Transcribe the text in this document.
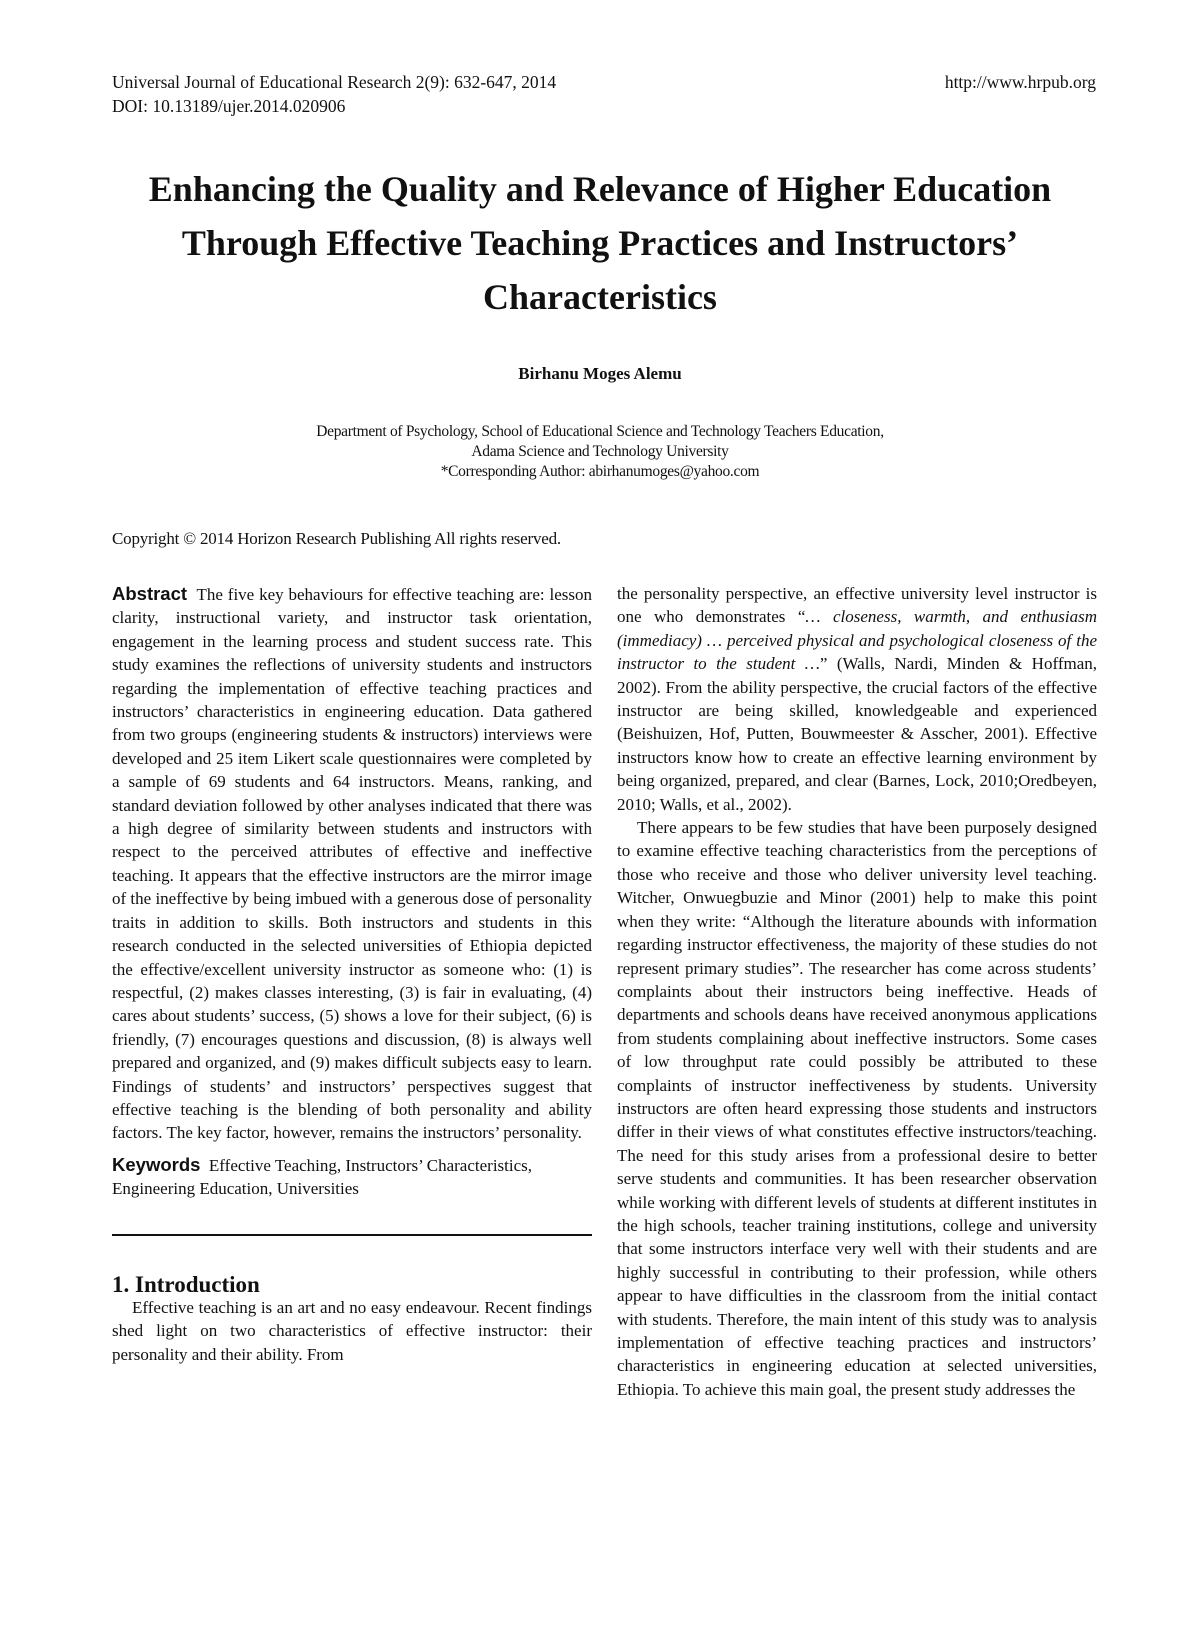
Universal Journal of Educational Research 2(9): 632-647, 2014
DOI: 10.13189/ujer.2014.020906
http://www.hrpub.org
Enhancing the Quality and Relevance of Higher Education Through Effective Teaching Practices and Instructors’ Characteristics
Birhanu Moges Alemu
Department of Psychology, School of Educational Science and Technology Teachers Education,
Adama Science and Technology University
*Corresponding Author: abirhanumoges@yahoo.com
Copyright © 2014 Horizon Research Publishing All rights reserved.

Abstract The five key behaviours for effective teaching are: lesson clarity, instructional variety, and instructor task orientation, engagement in the learning process and student success rate. This study examines the reflections of university students and instructors regarding the implementation of effective teaching practices and instructors’ characteristics in engineering education. Data gathered from two groups (engineering students & instructors) interviews were developed and 25 item Likert scale questionnaires were completed by a sample of 69 students and 64 instructors. Means, ranking, and standard deviation followed by other analyses indicated that there was a high degree of similarity between students and instructors with respect to the perceived attributes of effective and ineffective teaching. It appears that the effective instructors are the mirror image of the ineffective by being imbued with a generous dose of personality traits in addition to skills. Both instructors and students in this research conducted in the selected universities of Ethiopia depicted the effective/excellent university instructor as someone who: (1) is respectful, (2) makes classes interesting, (3) is fair in evaluating, (4) cares about students’ success, (5) shows a love for their subject, (6) is friendly, (7) encourages questions and discussion, (8) is always well prepared and organized, and (9) makes difficult subjects easy to learn. Findings of students’ and instructors’ perspectives suggest that effective teaching is the blending of both personality and ability factors. The key factor, however, remains the instructors’ personality.

Keywords Effective Teaching, Instructors’ Characteristics, Engineering Education, Universities

1. Introduction

Effective teaching is an art and no easy endeavour. Recent findings shed light on two characteristics of effective instructor: their personality and their ability. From

the personality perspective, an effective university level instructor is one who demonstrates “… closeness, warmth, and enthusiasm (immediacy) … perceived physical and psychological closeness of the instructor to the student …” (Walls, Nardi, Minden & Hoffman, 2002). From the ability perspective, the crucial factors of the effective instructor are being skilled, knowledgeable and experienced (Beishuizen, Hof, Putten, Bouwmeester & Asscher, 2001). Effective instructors know how to create an effective learning environment by being organized, prepared, and clear (Barnes, Lock, 2010;Oredbeyen, 2010; Walls, et al., 2002).

There appears to be few studies that have been purposely designed to examine effective teaching characteristics from the perceptions of those who receive and those who deliver university level teaching. Witcher, Onwuegbuzie and Minor (2001) help to make this point when they write: “Although the literature abounds with information regarding instructor effectiveness, the majority of these studies do not represent primary studies”. The researcher has come across students’ complaints about their instructors being ineffective. Heads of departments and schools deans have received anonymous applications from students complaining about ineffective instructors. Some cases of low throughput rate could possibly be attributed to these complaints of instructor ineffectiveness by students. University instructors are often heard expressing those students and instructors differ in their views of what constitutes effective instructors/teaching. The need for this study arises from a professional desire to better serve students and communities. It has been researcher observation while working with different levels of students at different institutes in the high schools, teacher training institutions, college and university that some instructors interface very well with their students and are highly successful in contributing to their profession, while others appear to have difficulties in the classroom from the initial contact with students. Therefore, the main intent of this study was to analysis implementation of effective teaching practices and instructors’ characteristics in engineering education at selected universities, Ethiopia. To achieve this main goal, the present study addresses the
